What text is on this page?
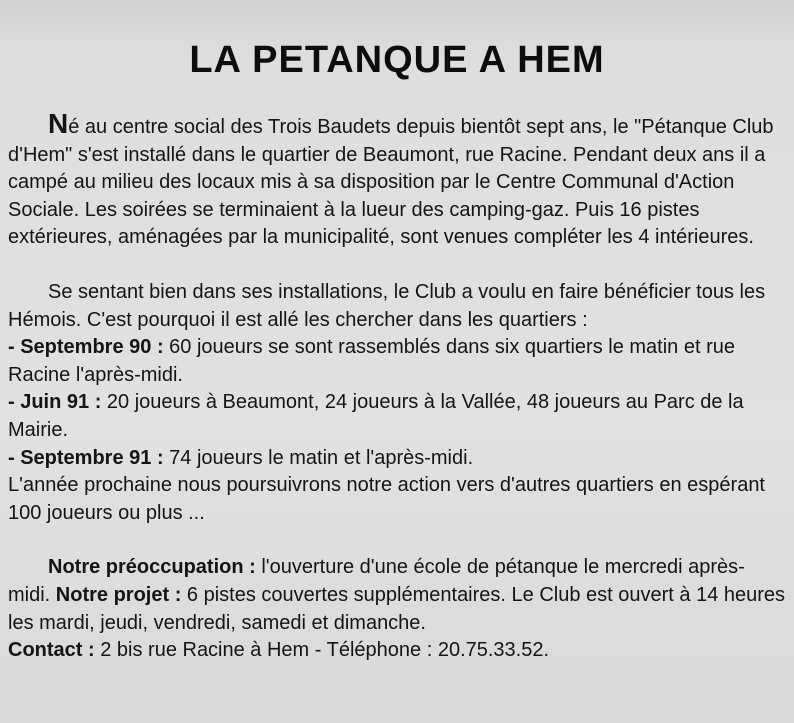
LA PETANQUE A HEM

Né au centre social des Trois Baudets depuis bientôt sept ans, le "Pétanque Club d'Hem" s'est installé dans le quartier de Beaumont, rue Racine. Pendant deux ans il a campé au milieu des locaux mis à sa disposition par le Centre Communal d'Action Sociale. Les soirées se terminaient à la lueur des camping-gaz. Puis 16 pistes extérieures, aménagées par la municipalité, sont venues compléter les 4 intérieures.

Se sentant bien dans ses installations, le Club a voulu en faire bénéficier tous les Hémois. C'est pourquoi il est allé les chercher dans les quartiers :

- Septembre 90 : 60 joueurs se sont rassemblés dans six quartiers le matin et rue Racine l'après-midi.

- Juin 91 : 20 joueurs à Beaumont, 24 joueurs à la Vallée, 48 joueurs au Parc de la Mairie.

- Septembre 91 : 74 joueurs le matin et l'après-midi.

L'année prochaine nous poursuivrons notre action vers d'autres quartiers en espérant 100 joueurs ou plus ...

Notre préoccupation : l'ouverture d'une école de pétanque le mercredi après-midi. Notre projet : 6 pistes couvertes supplémentaires. Le Club est ouvert à 14 heures les mardi, jeudi, vendredi, samedi et dimanche.

Contact : 2 bis rue Racine à Hem - Téléphone : 20.75.33.52.
